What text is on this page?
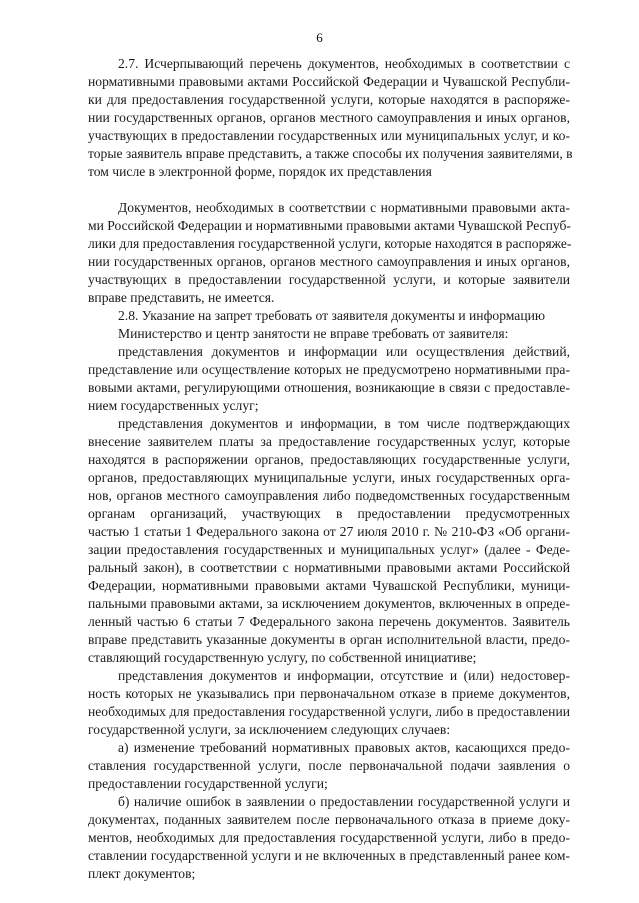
6
2.7. Исчерпывающий перечень документов, необходимых в соответствии с
нормативными правовыми актами Российской Федерации и Чувашской Республи-
ки для предоставления государственной услуги, которые находятся в распоряже-
нии государственных органов, органов местного самоуправления и иных органов,
участвующих в предоставлении государственных или муниципальных услуг, и ко-
торые заявитель вправе представить, а также способы их получения заявителями, в
том числе в электронной форме, порядок их представления
Документов, необходимых в соответствии с нормативными правовыми акта-
ми Российской Федерации и нормативными правовыми актами Чувашской Респуб-
лики для предоставления государственной услуги, которые находятся в распоряже-
нии государственных органов, органов местного самоуправления и иных органов,
участвующих в предоставлении государственной услуги, и которые заявители
вправе представить, не имеется.
2.8. Указание на запрет требовать от заявителя документы и информацию
Министерство и центр занятости не вправе требовать от заявителя:
представления документов и информации или осуществления действий,
представление или осуществление которых не предусмотрено нормативными пра-
вовыми актами, регулирующими отношения, возникающие в связи с предоставле-
нием государственных услуг;
представления документов и информации, в том числе подтверждающих
внесение заявителем платы за предоставление государственных услуг, которые
находятся в распоряжении органов, предоставляющих государственные услуги,
органов, предоставляющих муниципальные услуги, иных государственных орга-
нов, органов местного самоуправления либо подведомственных государственным
органам организаций, участвующих в предоставлении предусмотренных
частью 1 статьи 1 Федерального закона от 27 июля 2010 г. № 210-ФЗ «Об органи-
зации предоставления государственных и муниципальных услуг» (далее - Феде-
ральный закон), в соответствии с нормативными правовыми актами Российской
Федерации, нормативными правовыми актами Чувашской Республики, муници-
пальными правовыми актами, за исключением документов, включенных в опреде-
ленный частью 6 статьи 7 Федерального закона перечень документов. Заявитель
вправе представить указанные документы в орган исполнительной власти, предо-
ставляющий государственную услугу, по собственной инициативе;
представления документов и информации, отсутствие и (или) недостовер-
ность которых не указывались при первоначальном отказе в приеме документов,
необходимых для предоставления государственной услуги, либо в предоставлении
государственной услуги, за исключением следующих случаев:
а) изменение требований нормативных правовых актов, касающихся предо-
ставления государственной услуги, после первоначальной подачи заявления о
предоставлении государственной услуги;
б) наличие ошибок в заявлении о предоставлении государственной услуги и
документах, поданных заявителем после первоначального отказа в приеме доку-
ментов, необходимых для предоставления государственной услуги, либо в предо-
ставлении государственной услуги и не включенных в представленный ранее ком-
плект документов;
